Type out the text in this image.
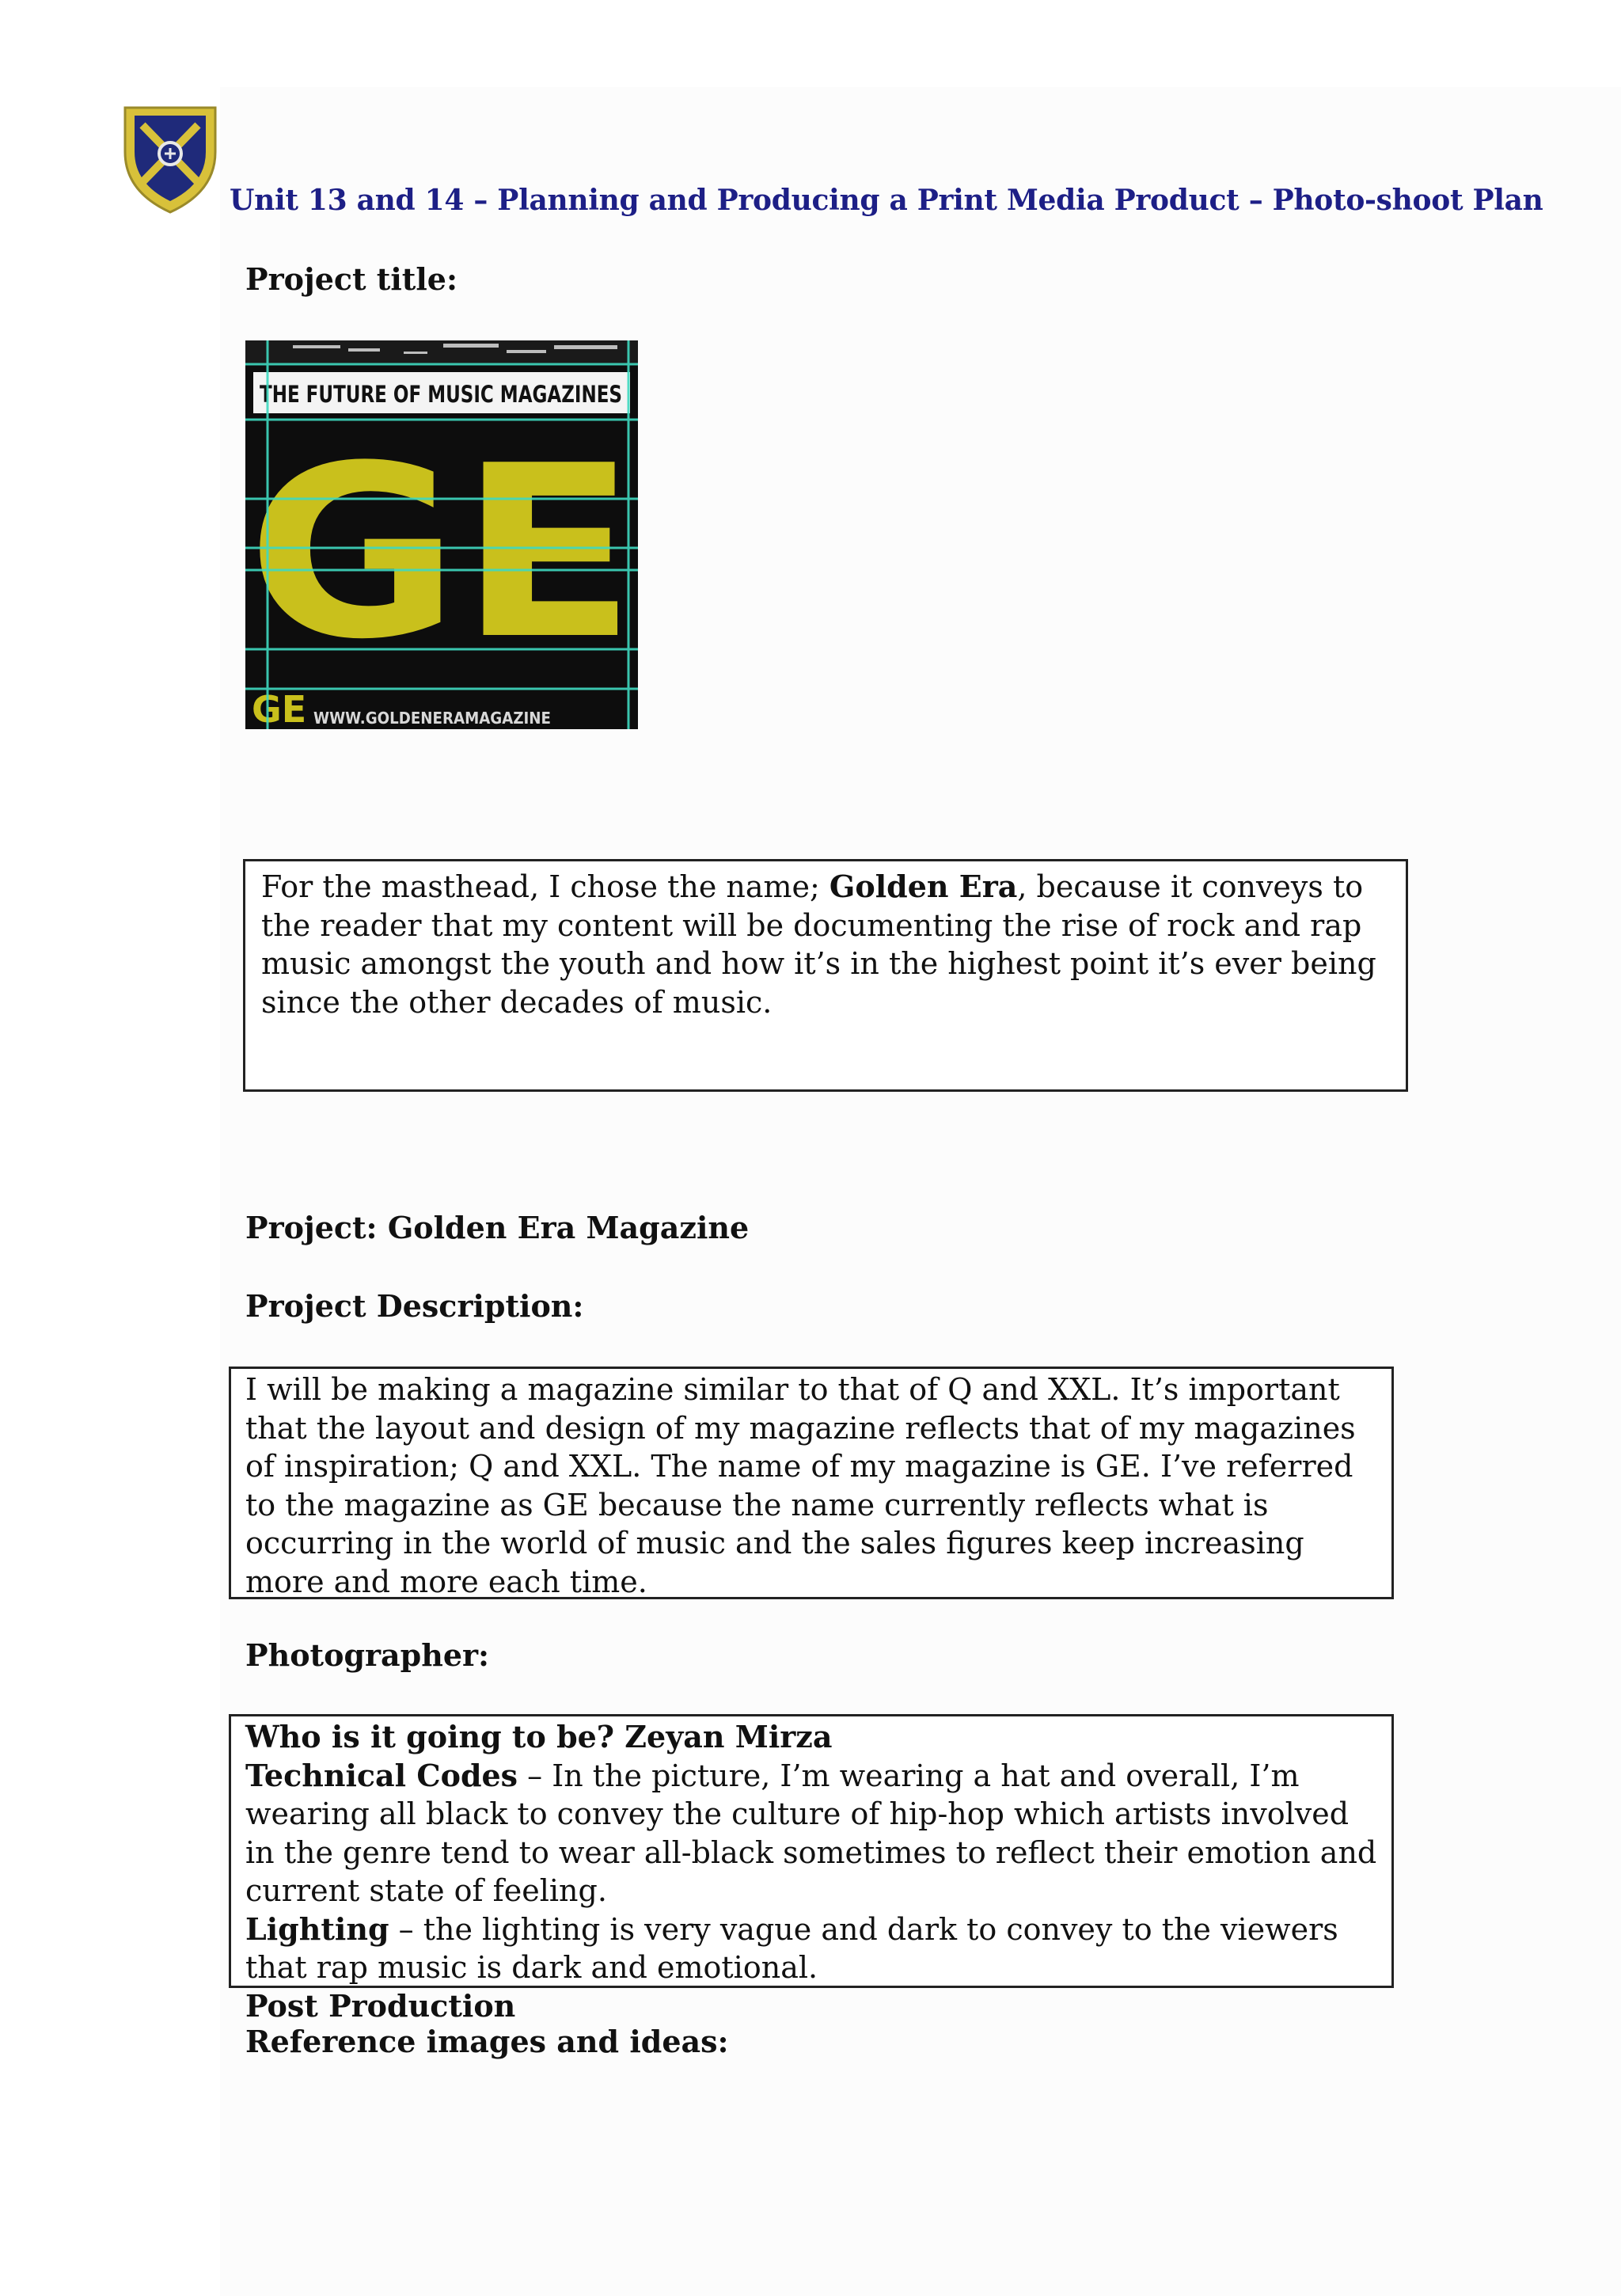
Unit 13 and 14 – Planning and Producing a Print Media Product – Photo-shoot Plan
Project title:
THE FUTURE OF MUSIC MAGAZINES
GE
GE WWW.GOLDENERAMAGAZINE

For the masthead, I chose the name; Golden Era, because it conveys to the reader that my content will be documenting the rise of rock and rap music amongst the youth and how it’s in the highest point it’s ever being since the other decades of music.

Project: Golden Era Magazine
Project Description:

I will be making a magazine similar to that of Q and XXL. It’s important that the layout and design of my magazine reflects that of my magazines of inspiration; Q and XXL. The name of my magazine is GE. I’ve referred to the magazine as GE because the name currently reflects what is occurring in the world of music and the sales figures keep increasing more and more each time.

Photographer:

Who is it going to be? Zeyan Mirza

Technical Codes – In the picture, I’m wearing a hat and overall, I’m wearing all black to convey the culture of hip-hop which artists involved in the genre tend to wear all-black sometimes to reflect their emotion and current state of feeling.

Lighting – the lighting is very vague and dark to convey to the viewers that rap music is dark and emotional.

Post Production

Reference images and ideas:
